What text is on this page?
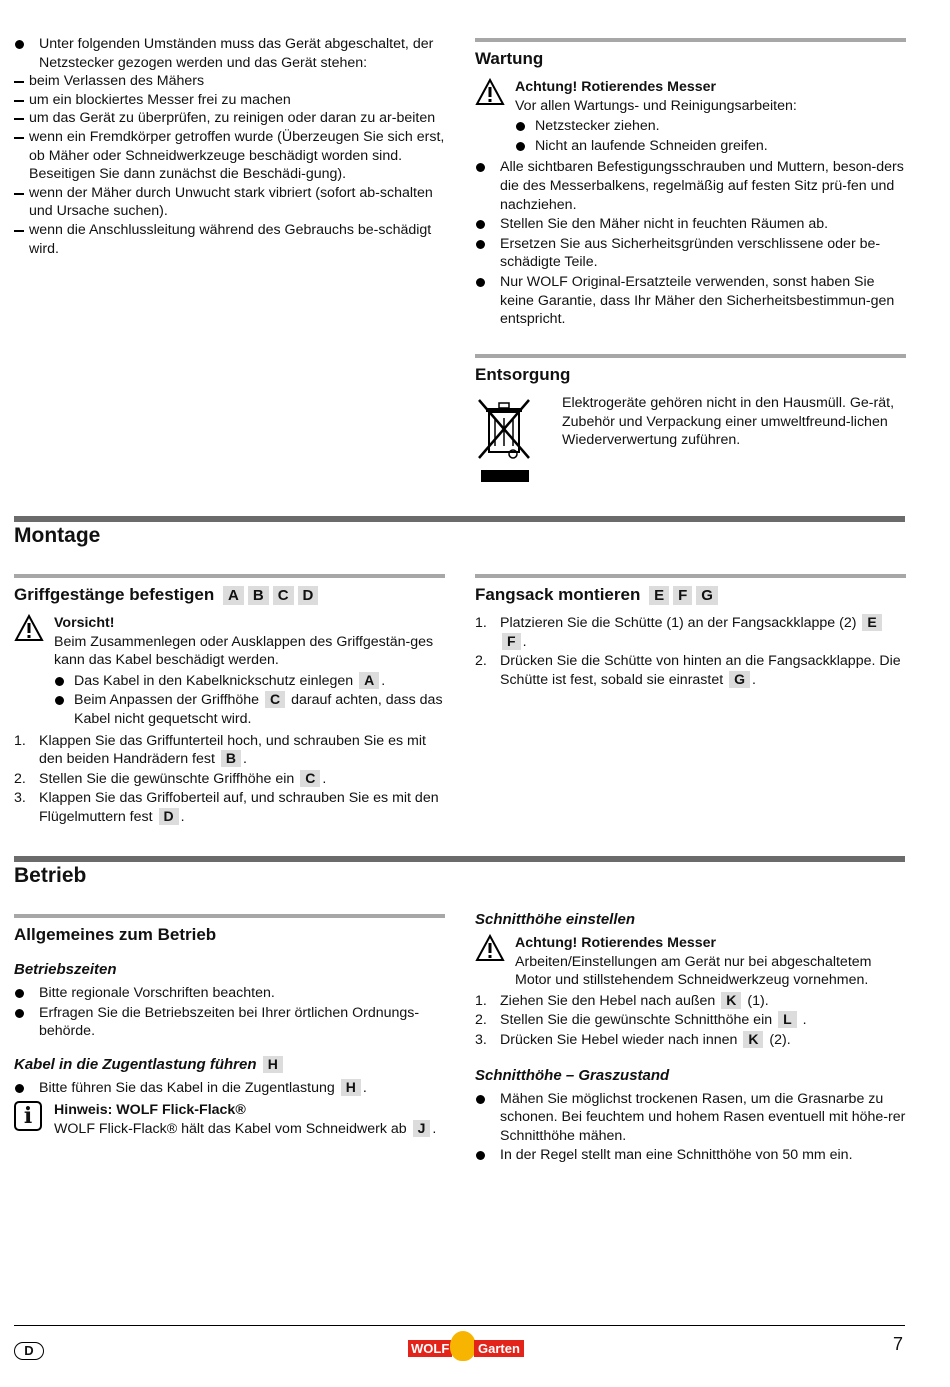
Unter folgenden Umständen muss das Gerät abgeschaltet, der Netzstecker gezogen werden und das Gerät stehen:
beim Verlassen des Mähers
um ein blockiertes Messer frei zu machen
um das Gerät zu überprüfen, zu reinigen oder daran zu ar-beiten
wenn ein Fremdkörper getroffen wurde (Überzeugen Sie sich erst, ob Mäher oder Schneidwerkzeuge beschädigt worden sind. Beseitigen Sie dann zunächst die Beschädi-gung).
wenn der Mäher durch Unwucht stark vibriert (sofort ab-schalten und Ursache suchen).
wenn die Anschlussleitung während des Gebrauchs be-schädigt wird.
Wartung
Achtung! Rotierendes Messer
Vor allen Wartungs- und Reinigungsarbeiten:
Netzstecker ziehen.
Nicht an laufende Schneiden greifen.
Alle sichtbaren Befestigungsschrauben und Muttern, beson-ders die des Messerbalkens, regelmäßig auf festen Sitz prü-fen und nachziehen.
Stellen Sie den Mäher nicht in feuchten Räumen ab.
Ersetzen Sie aus Sicherheitsgründen verschlissene oder be-schädigte Teile.
Nur WOLF Original-Ersatzteile verwenden, sonst haben Sie keine Garantie, dass Ihr Mäher den Sicherheitsbestimmun-gen entspricht.
Entsorgung
Elektrogeräte gehören nicht in den Hausmüll. Ge-rät, Zubehör und Verpackung einer umweltfreund-lichen Wiederverwertung zuführen.
Montage
Griffgestänge befestigen A B C D
Vorsicht!
Beim Zusammenlegen oder Ausklappen des Griffgestän-ges kann das Kabel beschädigt werden.
Das Kabel in den Kabelknickschutz einlegen A .
Beim Anpassen der Griffhöhe C darauf achten, dass das Kabel nicht gequetscht wird.
1. Klappen Sie das Griffunterteil hoch, und schrauben Sie es mit den beiden Handrädern fest B .
2. Stellen Sie die gewünschte Griffhöhe ein C .
3. Klappen Sie das Griffoberteil auf, und schrauben Sie es mit den Flügelmuttern fest D .
Fangsack montieren E F G
1. Platzieren Sie die Schütte (1) an der Fangsackklappe (2) E F .
2. Drücken Sie die Schütte von hinten an die Fangsackklappe. Die Schütte ist fest, sobald sie einrastet G .
Betrieb
Allgemeines zum Betrieb
Betriebszeiten
Bitte regionale Vorschriften beachten.
Erfragen Sie die Betriebszeiten bei Ihrer örtlichen Ordnungs-behörde.
Kabel in die Zugentlastung führen H
Bitte führen Sie das Kabel in die Zugentlastung H .
i	Hinweis: WOLF Flick-Flack®
WOLF Flick-Flack® hält das Kabel vom Schneidwerk ab J .
Schnitthöhe einstellen
Achtung! Rotierendes Messer
Arbeiten/Einstellungen am Gerät nur bei abgeschaltetem Motor und stillstehendem Schneidwerkzeug vornehmen.
1. Ziehen Sie den Hebel nach außen K (1).
2. Stellen Sie die gewünschte Schnitthöhe ein L .
3. Drücken Sie Hebel wieder nach innen K (2).
Schnitthöhe – Graszustand
Mähen Sie möglichst trockenen Rasen, um die Grasnarbe zu schonen. Bei feuchtem und hohem Rasen eventuell mit höhe-rer Schnitthöhe mähen.
In der Regel stellt man eine Schnitthöhe von 50 mm ein.
D	WOLF	Garten	7
